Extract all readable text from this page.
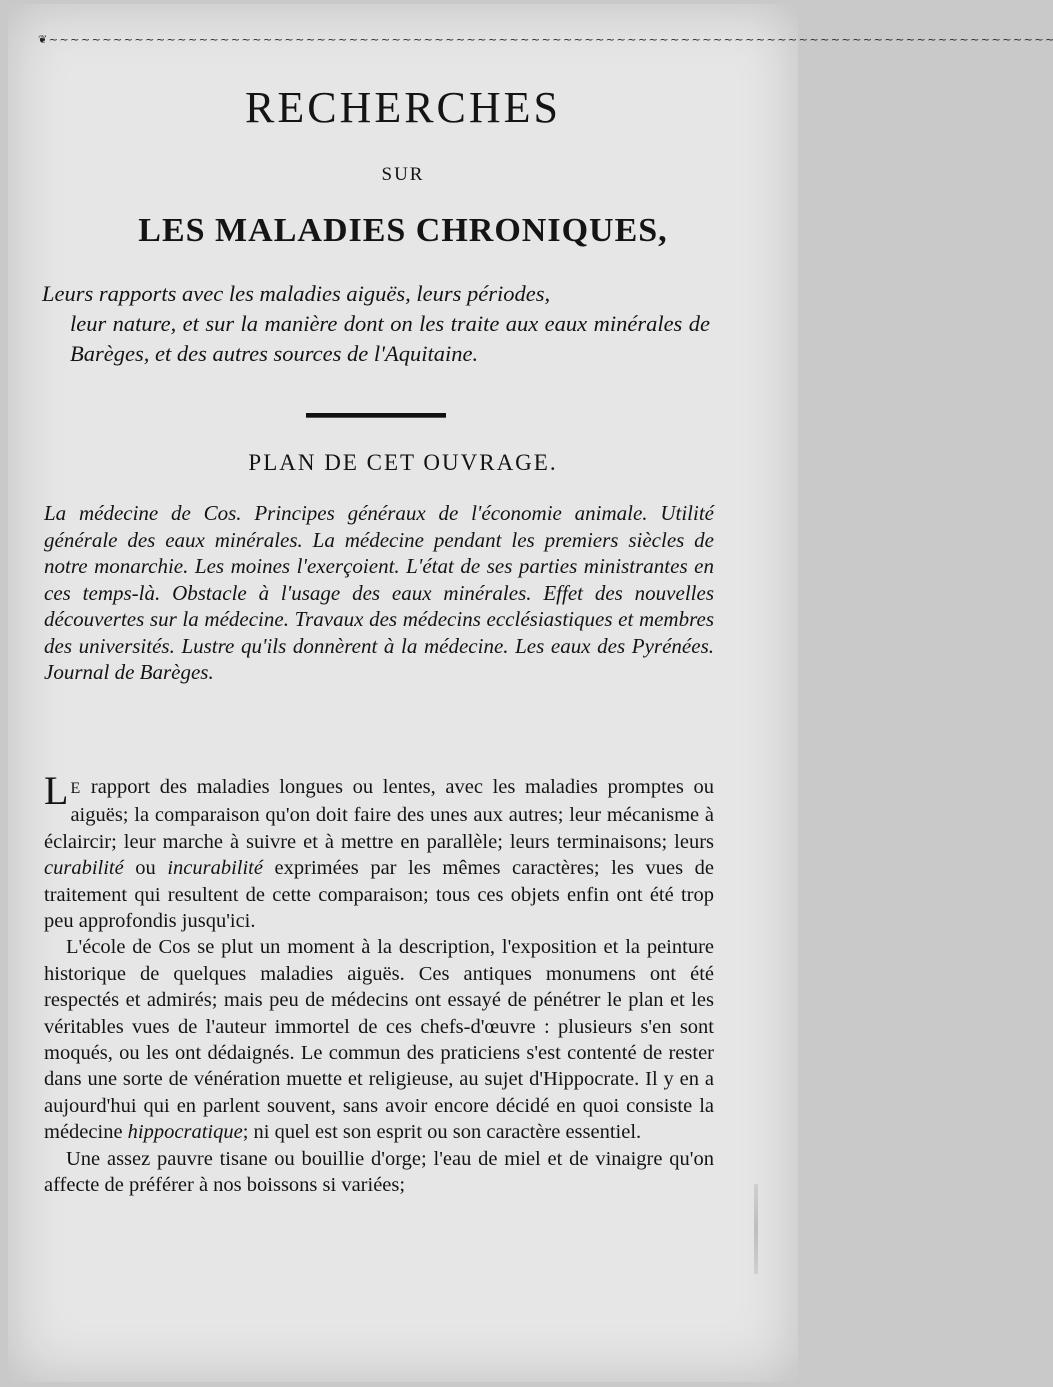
❦ ~ ~ ~ ~ ~ ~ ~ ~ ~ ~ ~ ~ ~ ~ ~ ~ ~ ~ ~ ~ ~ ~ ~ ~ ~ ~ ~ ~ ~ ~ ~ ~ ~ ~ ~ ~ ~ ~ ~ ~ ~ ~ ~ ~ ~ ~ ~ ~ ~ ~ ~ ~ ~ ~ ~ ~ ~ ~ ~ ~ ~ ~ ~ ~ ~ ~ ~ ~ ~ ~ ~ ~ ~ ~ ~ ~ ~ ~ ~ ~ ~ ~ ~ ~ ~ ~ ~ ~ ~ ~ ~ ~ ~ ~
RECHERCHES
SUR
LES MALADIES CHRONIQUES,
Leurs rapports avec les maladies aiguës, leurs périodes,
leur nature, et sur la manière dont on les traite aux eaux minérales de Barèges, et des autres sources de l'Aquitaine.
PLAN DE CET OUVRAGE.
La médecine de Cos. Principes généraux de l'économie animale. Utilité générale des eaux minérales. La médecine pendant les premiers siècles de notre monarchie. Les moines l'exerçoient. L'état de ses parties ministrantes en ces temps-là. Obstacle à l'usage des eaux minérales. Effet des nouvelles découvertes sur la médecine. Travaux des médecins ecclésiastiques et membres des universités. Lustre qu'ils donnèrent à la médecine. Les eaux des Pyrénées. Journal de Barèges.

L E rapport des maladies longues ou lentes, avec les maladies promptes ou aiguës; la comparaison qu'on doit faire des unes aux autres; leur mécanisme à éclaircir; leur marche à suivre et à mettre en parallèle; leurs terminaisons; leurs curabilité ou incurabilité exprimées par les mêmes caractères; les vues de traitement qui resultent de cette comparaison; tous ces objets enfin ont été trop peu approfondis jusqu'ici.

L'école de Cos se plut un moment à la description, l'exposition et la peinture historique de quelques maladies aiguës. Ces antiques monumens ont été respectés et admirés; mais peu de médecins ont essayé de pénétrer le plan et les véritables vues de l'auteur immortel de ces chefs-d'œuvre : plusieurs s'en sont moqués, ou les ont dédaignés. Le commun des praticiens s'est contenté de rester dans une sorte de vénération muette et religieuse, au sujet d'Hippocrate. Il y en a aujourd'hui qui en parlent souvent, sans avoir encore décidé en quoi consiste la médecine hippocratique; ni quel est son esprit ou son caractère essentiel.

Une assez pauvre tisane ou bouillie d'orge; l'eau de miel et de vinaigre qu'on affecte de préférer à nos boissons si variées;
